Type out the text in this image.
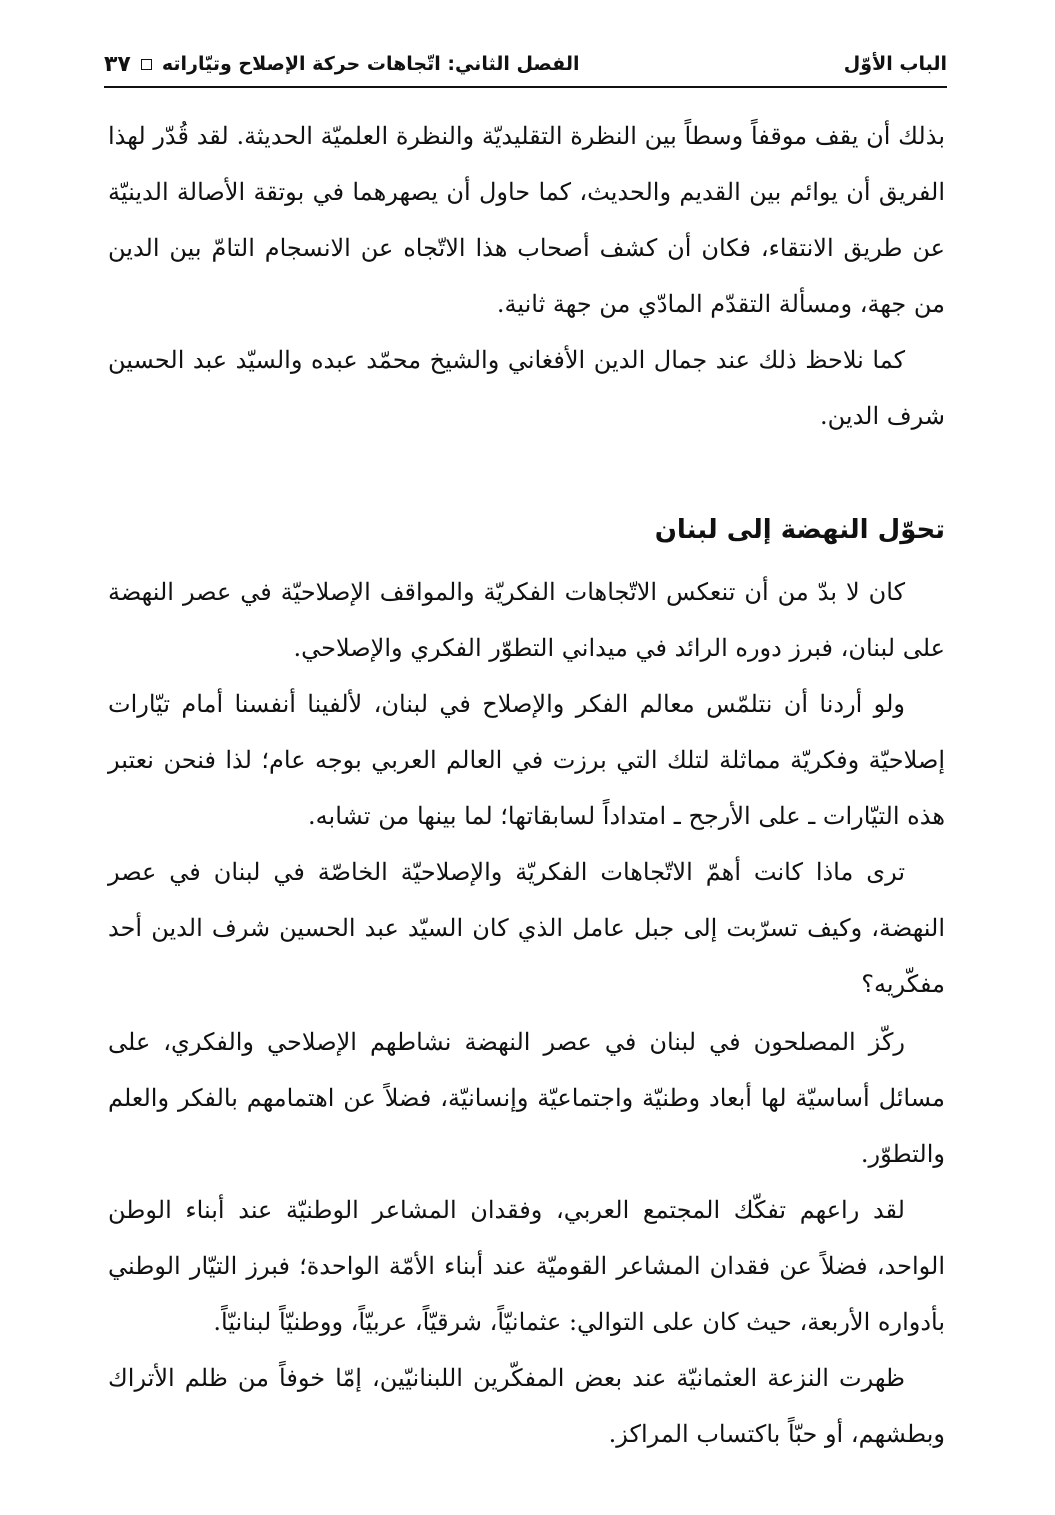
الباب الأوّل
الفصل الثاني: اتّجاهات حركة الإصلاح وتيّاراته
٣٧

بذلك أن يقف موقفاً وسطاً بين النظرة التقليديّة والنظرة العلميّة الحديثة. لقد قُدّر لهذا الفريق أن يوائم بين القديم والحديث، كما حاول أن يصهرهما في بوتقة الأصالة الدينيّة عن طريق الانتقاء، فكان أن كشف أصحاب هذا الاتّجاه عن الانسجام التامّ بين الدين من جهة، ومسألة التقدّم المادّي من جهة ثانية.

كما نلاحظ ذلك عند جمال الدين الأفغاني والشيخ محمّد عبده والسيّد عبد الحسين شرف الدين.

تحوّل النهضة إلى لبنان

كان لا بدّ من أن تنعكس الاتّجاهات الفكريّة والمواقف الإصلاحيّة في عصر النهضة على لبنان، فبرز دوره الرائد في ميداني التطوّر الفكري والإصلاحي.

ولو أردنا أن نتلمّس معالم الفكر والإصلاح في لبنان، لألفينا أنفسنا أمام تيّارات إصلاحيّة وفكريّة مماثلة لتلك التي برزت في العالم العربي بوجه عام؛ لذا فنحن نعتبر هذه التيّارات ـ على الأرجح ـ امتداداً لسابقاتها؛ لما بينها من تشابه.

ترى ماذا كانت أهمّ الاتّجاهات الفكريّة والإصلاحيّة الخاصّة في لبنان في عصر النهضة، وكيف تسرّبت إلى جبل عامل الذي كان السيّد عبد الحسين شرف الدين أحد مفكّريه؟

ركّز المصلحون في لبنان في عصر النهضة نشاطهم الإصلاحي والفكري، على مسائل أساسيّة لها أبعاد وطنيّة واجتماعيّة وإنسانيّة، فضلاً عن اهتمامهم بالفكر والعلم والتطوّر.

لقد راعهم تفكّك المجتمع العربي، وفقدان المشاعر الوطنيّة عند أبناء الوطن الواحد، فضلاً عن فقدان المشاعر القوميّة عند أبناء الأمّة الواحدة؛ فبرز التيّار الوطني بأدواره الأربعة، حيث كان على التوالي: عثمانيّاً، شرقيّاً، عربيّاً، ووطنيّاً لبنانيّاً.

ظهرت النزعة العثمانيّة عند بعض المفكّرين اللبنانيّين، إمّا خوفاً من ظلم الأتراك وبطشهم، أو حبّاً باكتساب المراكز.
